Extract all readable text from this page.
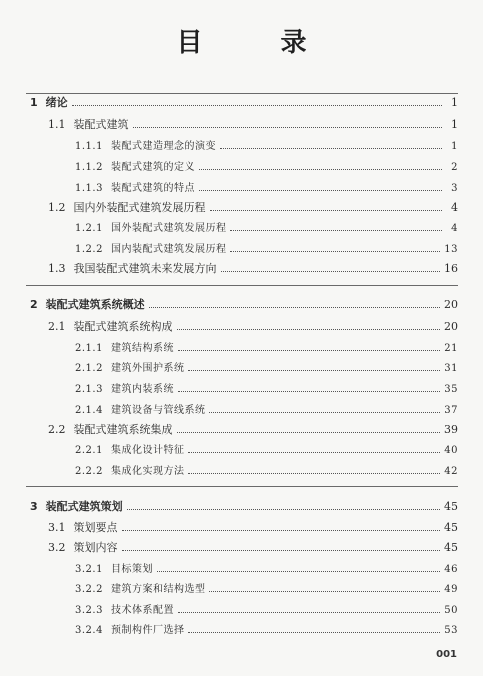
目　录
1 绪论	1
1.1 装配式建筑	1
1.1.1 装配式建造理念的演变	1
1.1.2 装配式建筑的定义	2
1.1.3 装配式建筑的特点	3
1.2 国内外装配式建筑发展历程	4
1.2.1 国外装配式建筑发展历程	4
1.2.2 国内装配式建筑发展历程	13
1.3 我国装配式建筑未来发展方向	16
2 装配式建筑系统概述	20
2.1 装配式建筑系统构成	20
2.1.1 建筑结构系统	21
2.1.2 建筑外围护系统	31
2.1.3 建筑内装系统	35
2.1.4 建筑设备与管线系统	37
2.2 装配式建筑系统集成	39
2.2.1 集成化设计特征	40
2.2.2 集成化实现方法	42
3 装配式建筑策划	45
3.1 策划要点	45
3.2 策划内容	45
3.2.1 目标策划	46
3.2.2 建筑方案和结构选型	49
3.2.3 技术体系配置	50
3.2.4 预制构件厂选择	53
001
